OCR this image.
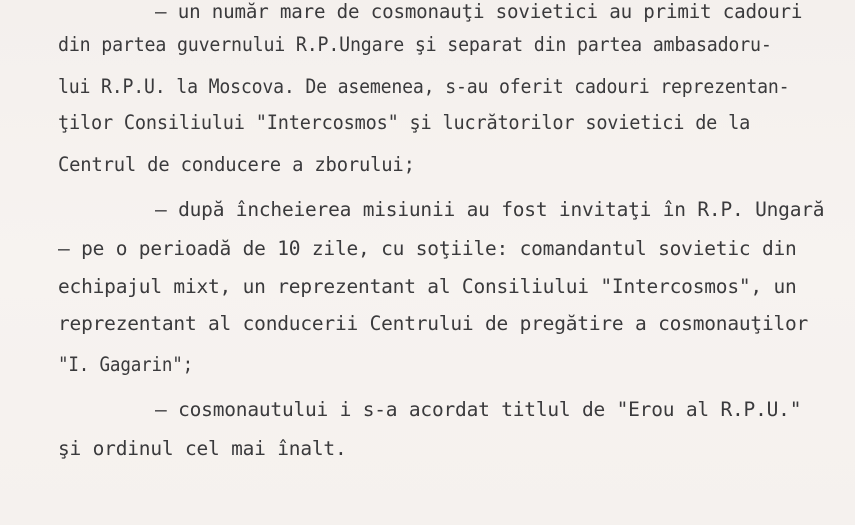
– un număr mare de cosmonauţi sovietici au primit cadouri
din partea guvernului R.P.Ungare şi separat din partea ambasadoru-
lui R.P.U. la Moscova. De asemenea, s-au oferit cadouri reprezentan-
ţilor Consiliului "Intercosmos" şi lucrătorilor sovietici de la
Centrul de conducere a zborului;
– după încheierea misiunii au fost invitaţi în R.P. Ungară
– pe o perioadă de 10 zile, cu soţiile: comandantul sovietic din
echipajul mixt, un reprezentant al Consiliului "Intercosmos", un
reprezentant al conducerii Centrului de pregătire a cosmonauţilor
"I. Gagarin";
– cosmonautului i s-a acordat titlul de "Erou al R.P.U."
şi ordinul cel mai înalt.
